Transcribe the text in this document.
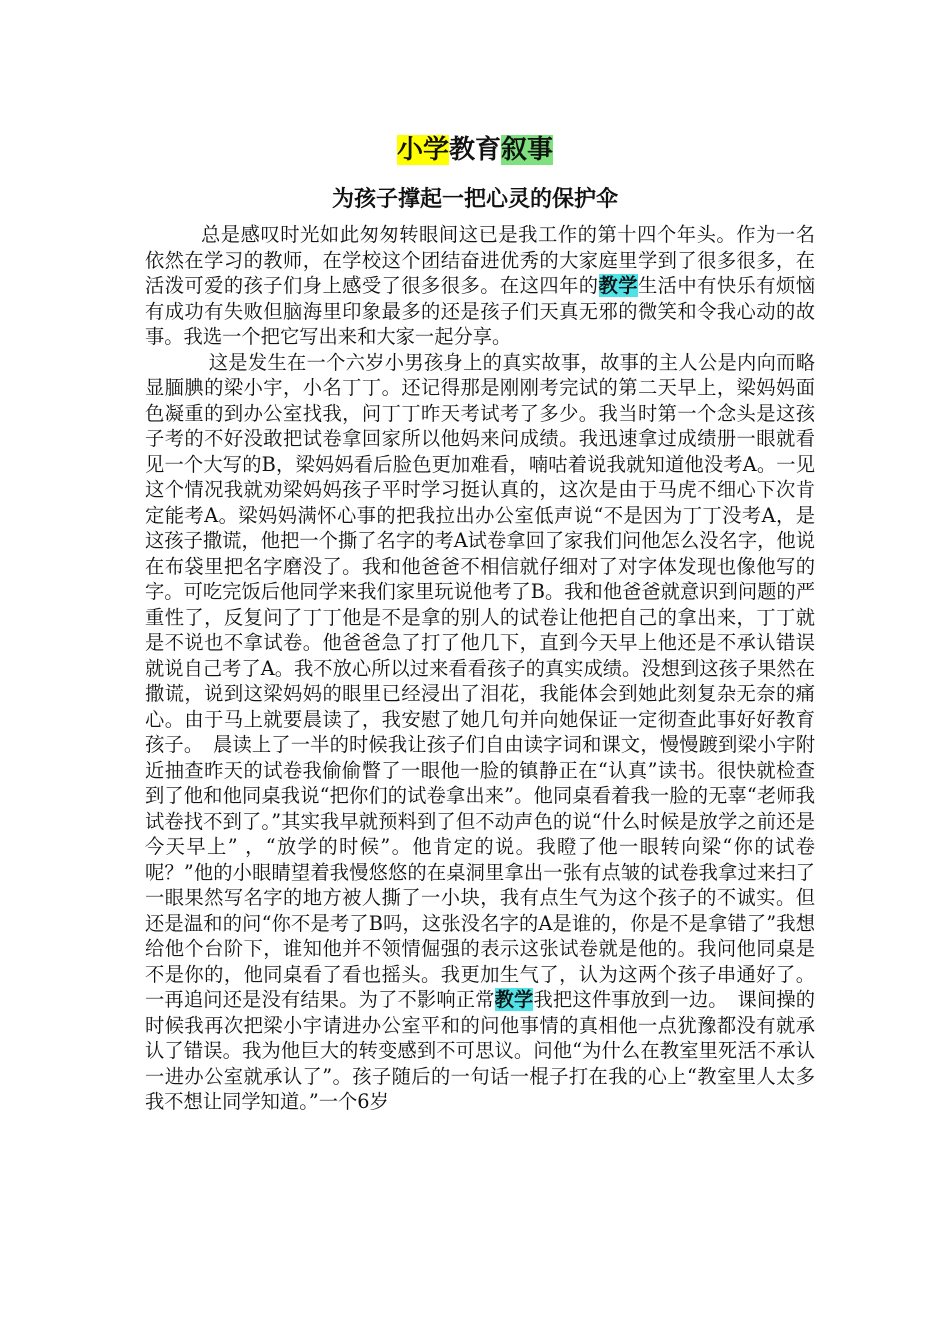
小学教育叙事
为孩子撑起一把心灵的保护伞

总是感叹时光如此匆匆转眼间这已是我工作的第十四个年头。作为一名依然在学习的教师，在学校这个团结奋进优秀的大家庭里学到了很多很多，在活泼可爱的孩子们身上感受了很多很多。在这四年的教学生活中有快乐有烦恼有成功有失败但脑海里印象最多的还是孩子们天真无邪的微笑和令我心动的故事。我选一个把它写出来和大家一起分享。

这是发生在一个六岁小男孩身上的真实故事，故事的主人公是内向而略显腼腆的梁小宇，小名丁丁。还记得那是刚刚考完试的第二天早上，梁妈妈面色凝重的到办公室找我，问丁丁昨天考试考了多少。我当时第一个念头是这孩子考的不好没敢把试卷拿回家所以他妈来问成绩。我迅速拿过成绩册一眼就看见一个大写的B，梁妈妈看后脸色更加难看，喃咕着说我就知道他没考A。一见这个情况我就劝梁妈妈孩子平时学习挺认真的，这次是由于马虎不细心下次肯定能考A。梁妈妈满怀心事的把我拉出办公室低声说“不是因为丁丁没考A，是这孩子撒谎，他把一个撕了名字的考A试卷拿回了家我们问他怎么没名字，他说在布袋里把名字磨没了。我和他爸爸不相信就仔细对了对字体发现也像他写的字。可吃完饭后他同学来我们家里玩说他考了B。我和他爸爸就意识到问题的严重性了，反复问了丁丁他是不是拿的别人的试卷让他把自己的拿出来，丁丁就是不说也不拿试卷。他爸爸急了打了他几下，直到今天早上他还是不承认错误就说自己考了A。我不放心所以过来看看孩子的真实成绩。没想到这孩子果然在撒谎，说到这梁妈妈的眼里已经浸出了泪花，我能体会到她此刻复杂无奈的痛心。由于马上就要晨读了，我安慰了她几句并向她保证一定彻查此事好好教育孩子。　晨读上了一半的时候我让孩子们自由读字词和课文，慢慢踱到梁小宇附近抽查昨天的试卷我偷偷瞥了一眼他一脸的镇静正在“认真”读书。很快就检查到了他和他同桌我说“把你们的试卷拿出来”。他同桌看着我一脸的无辜“老师我试卷找不到了。”其实我早就预料到了但不动声色的说“什么时候是放学之前还是今天早上” ，“放学的时候”。他肯定的说。我瞪了他一眼转向梁“你的试卷呢？”他的小眼睛望着我慢悠悠的在桌洞里拿出一张有点皱的试卷我拿过来扫了一眼果然写名字的地方被人撕了一小块，我有点生气为这个孩子的不诚实。但还是温和的问“你不是考了B吗，这张没名字的A是谁的，你是不是拿错了”我想给他个台阶下，谁知他并不领情倔强的表示这张试卷就是他的。我问他同桌是不是你的，他同桌看了看也摇头。我更加生气了，认为这两个孩子串通好了。一再追问还是没有结果。为了不影响正常教学我把这件事放到一边。　课间操的时候我再次把梁小宇请进办公室平和的问他事情的真相他一点犹豫都没有就承认了错误。我为他巨大的转变感到不可思议。问他“为什么在教室里死活不承认一进办公室就承认了”。孩子随后的一句话一棍子打在我的心上“教室里人太多我不想让同学知道。”一个6岁
